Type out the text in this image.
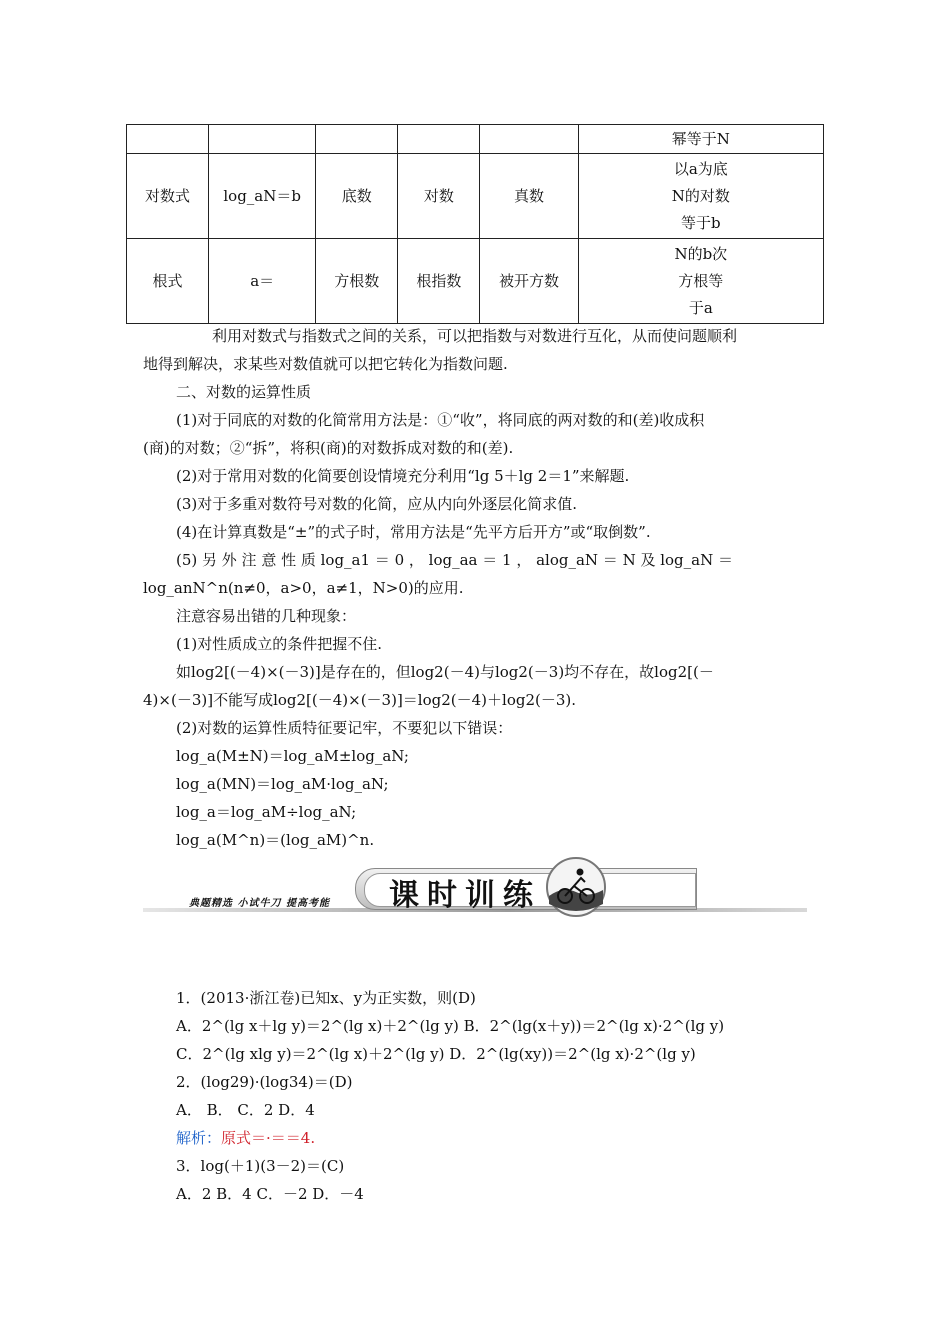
					幂等于N
对数式	log_aN＝b	底数	对数	真数	以a为底
N的对数
等于b

根式	a＝	方根数	根指数	被开方数	N的b次
方根等
于a
利用对数式与指数式之间的关系，可以把指数与对数进行互化，从而使问题顺利
地得到解决，求某些对数值就可以把它转化为指数问题.
二、对数的运算性质
(1)对于同底的对数的化简常用方法是：①“收”，将同底的两对数的和(差)收成积
(商)的对数；②“拆”，将积(商)的对数拆成对数的和(差).
(2)对于常用对数的化简要创设情境充分利用“lg 5＋lg 2＝1”来解题.
(3)对于多重对数符号对数的化简，应从内向外逐层化简求值.
(4)在计算真数是“±”的式子时，常用方法是“先平方后开方”或“取倒数”.
(5) 另 外 注 意 性 质 log_a1 ＝ 0 ， log_aa ＝ 1 ， alog_aN ＝ N 及 log_aN ＝
log_anN^n(n≠0，a>0，a≠1，N>0)的应用.
注意容易出错的几种现象：
(1)对性质成立的条件把握不住.
如log2[(－4)×(－3)]是存在的，但log2(－4)与log2(－3)均不存在，故log2[(－
4)×(－3)]不能写成log2[(－4)×(－3)]＝log2(－4)＋log2(－3).
(2)对数的运算性质特征要记牢，不要犯以下错误：
log_a(M±N)＝log_aM±log_aN;
log_a(MN)＝log_aM·log_aN;
log_a＝log_aM÷log_aN;
log_a(M^n)＝(log_aM)^n.
典题精选 小试牛刀 提高考能 课时训练
1．(2013·浙江卷)已知x、y为正实数，则(D)
A．2^(lg x＋lg y)＝2^(lg x)＋2^(lg y) B．2^(lg(x＋y))＝2^(lg x)·2^(lg y)
C．2^(lg xlg y)＝2^(lg x)＋2^(lg y) D．2^(lg(xy))＝2^(lg x)·2^(lg y)
2．(log29)·(log34)＝(D)
A． B． C．2 D．4
解析：原式＝·＝＝4.
3．log(＋1)(3－2)＝(C)
A．2 B．4 C．－2 D．－4
